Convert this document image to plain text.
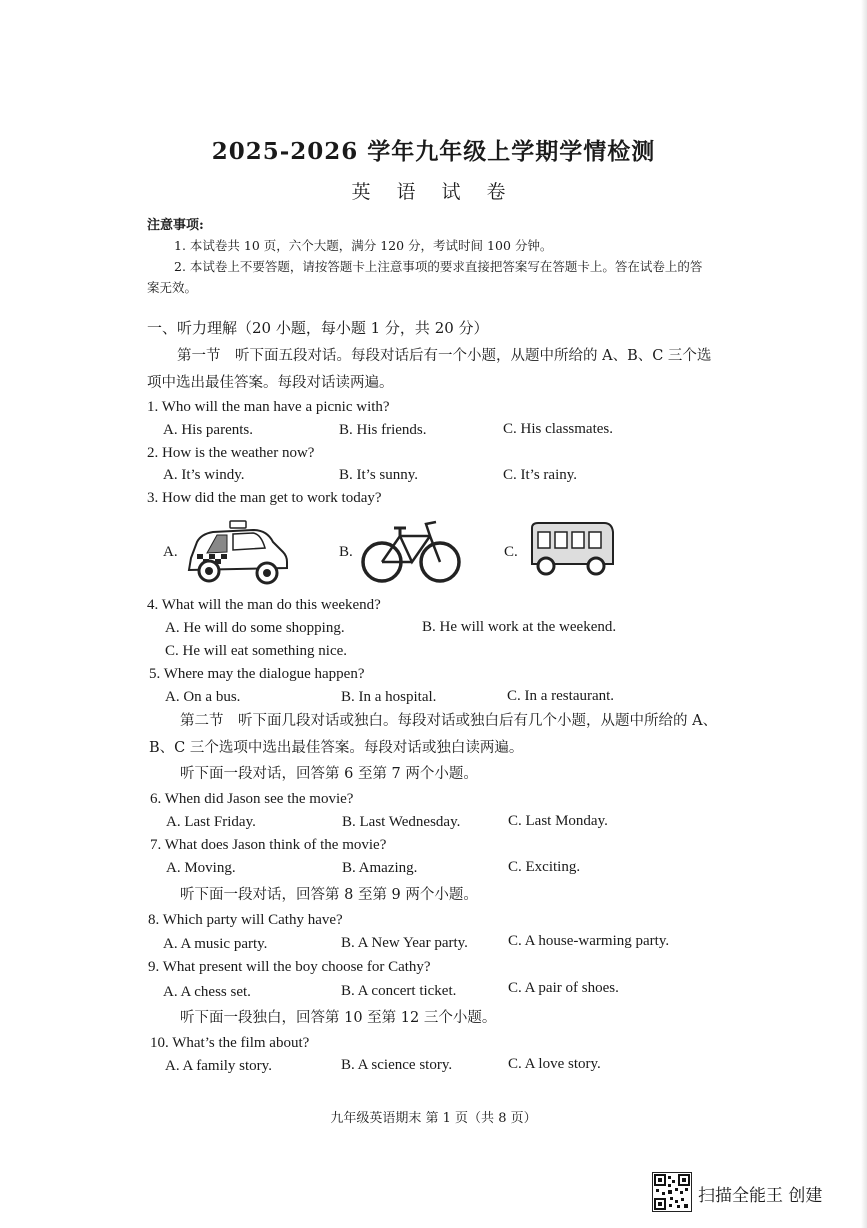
2025-2026 学年九年级上学期学情检测
英 语 试 卷
注意事项:
1. 本试卷共 10 页，六个大题，满分 120 分，考试时间 100 分钟。
2. 本试卷上不要答题，请按答题卡上注意事项的要求直接把答案写在答题卡上。答在试卷上的答
案无效。
一、听力理解（20 小题，每小题 1 分，共 20 分）
第一节　听下面五段对话。每段对话后有一个小题，从题中所给的 A、B、C 三个选
项中选出最佳答案。每段对话读两遍。
1. Who will the man have a picnic with?
A. His parents.	B. His friends.	C. His classmates.
2. How is the weather now?
A. It’s windy.	B. It’s sunny.	C. It’s rainy.
3. How did the man get to work today?
A.	B.	C.
4. What will the man do this weekend?
A. He will do some shopping.	B. He will work at the weekend.
C. He will eat something nice.
5. Where may the dialogue happen?
A. On a bus.	B. In a hospital.	C. In a restaurant.
第二节　听下面几段对话或独白。每段对话或独白后有几个小题，从题中所给的 A、
B、C 三个选项中选出最佳答案。每段对话或独白读两遍。
听下面一段对话，回答第 6 至第 7 两个小题。
6. When did Jason see the movie?
A. Last Friday.	B. Last Wednesday.	C. Last Monday.
7. What does Jason think of the movie?
A. Moving.	B. Amazing.	C. Exciting.
听下面一段对话，回答第 8 至第 9 两个小题。
8. Which party will Cathy have?
A. A music party.	B. A New Year party.	C. A house-warming party.
9. What present will the boy choose for Cathy?
A. A chess set.	B. A concert ticket.	C. A pair of shoes.
听下面一段独白，回答第 10 至第 12 三个小题。
10. What’s the film about?
A. A family story.	B. A science story.	C. A love story.
九年级英语期末 第 1 页（共 8 页）
扫描全能王 创建
